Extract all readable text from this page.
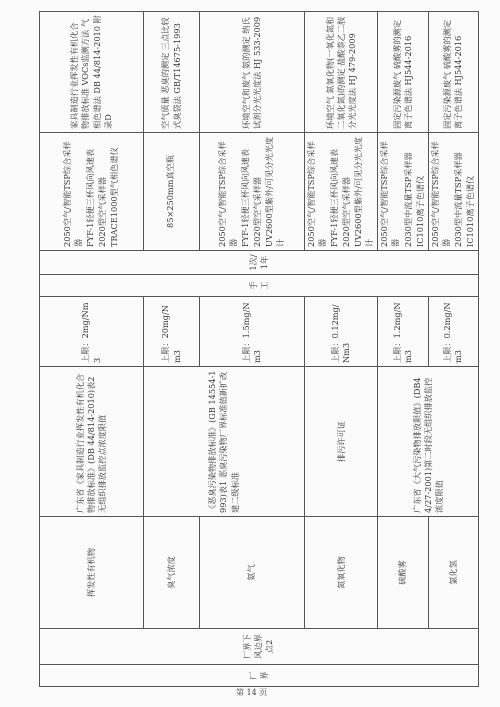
厂界	厂界下风边界点2	挥发性有机物	广东省《家具制造行业挥发性有机化合物排放标准》(DB 44/814-2010)表2无组织排放监控点浓度限值	上限：2mg/Nm3	手工	1次/1年	2050空气/智能TSP综合采样器 FYF-1轻便三杯风向风速表 2020型空气采样器 TRACE1000型气相色谱仪	家具制造行业挥发性有机化合物排放标准 VOCs监测方法 气相色谱法 DB 44/814-2010 附录D
		臭气浓度	《恶臭污染物排放标准》(GB 14554-1993)表1 恶臭污染物厂界标准值新扩改建二级标准	上限：20mg/Nm3			85×250mm真空瓶	空气质量 恶臭的测定 三点比较式臭袋法 GB/T14675-1993
		氨气		上限：1.5mg/Nm3			2050空气/智能TSP综合采样器 FYF-1轻便三杯风向风速表 2020型空气采样器 UV2600型紫外/可见分光光度计	环境空气和废气 氨的测定 纳氏试剂分光光度法 HJ 533-2009
		氮氧化物	排污许可证	上限：0.12mg/Nm3			2050空气/智能TSP综合采样器 FYF-1轻便三杯风向风速表 2020型空气采样器 UV2600型紫外/可见分光光度计	环境空气 氮氧化物(一氧化氮和二氧化氮)的测定 盐酸萘乙二胺分光光度法 HJ 479-2009
		硫酸雾	广东省《大气污染物排放限值》(DB44/27-2001)第二时段无组织排放监控浓度限值	上限：1.2mg/Nm3			2050空气/智能TSP综合采样器 2030型中流量TSP采样器 IC1010离子色谱仪	固定污染源废气 硫酸雾的测定 离子色谱法 HJ544-2016
		氯化氢		上限：0.2mg/Nm3			2050空气/智能TSP综合采样器 2030型中流量TSP采样器 IC1010离子色谱仪	固定污染源废气 硫酸雾的测定 离子色谱法 HJ544-2016
第 14 页
